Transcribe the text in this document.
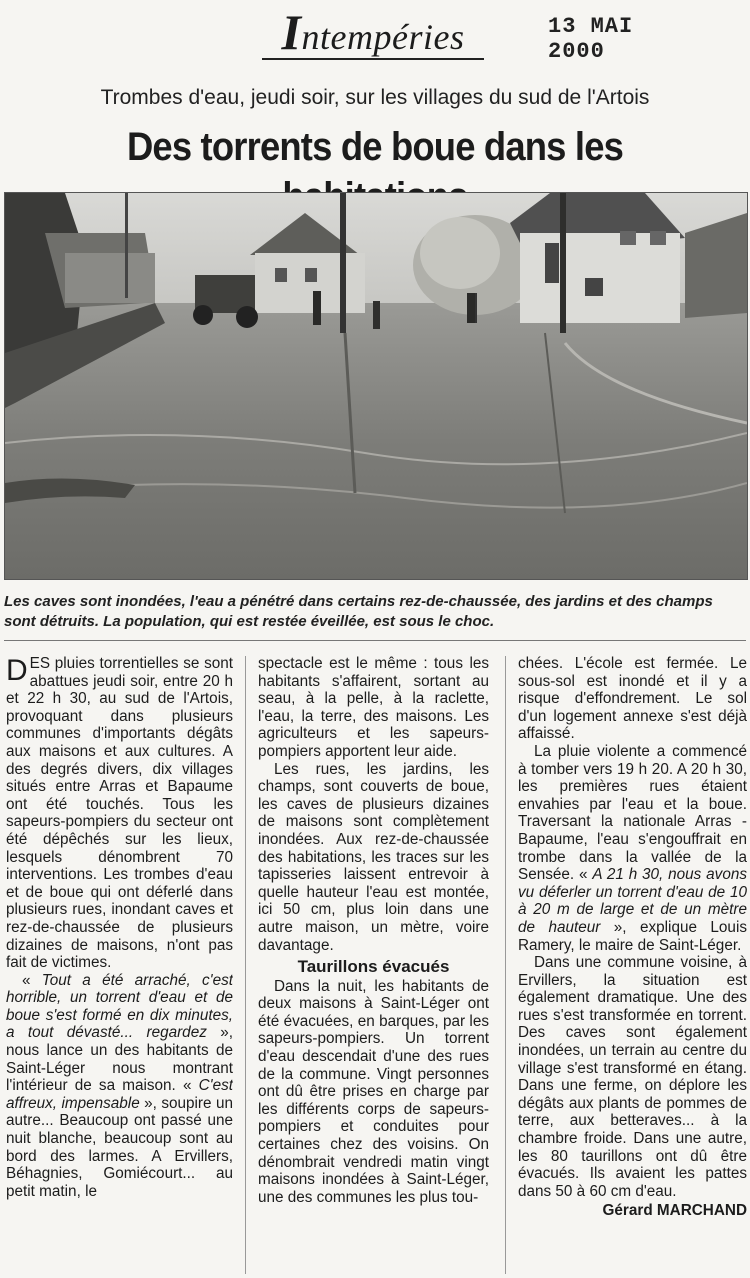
Intempéries	13 MAI 2000
Trombes d'eau, jeudi soir, sur les villages du sud de l'Artois
Des torrents de boue dans les
Les caves sont inondées, l'eau a pénétré dans certains rez-de-chaussée, des jardins et des champs sont détruits. La population, qui est restée éveillée, est sous le choc.

DES pluies torrentielles se sont abattues jeudi soir, entre 20 h et 22 h 30, au sud de l'Artois, provoquant dans plusieurs communes d'importants dégâts aux maisons et aux cultures. A des degrés divers, dix villages situés entre Arras et Bapaume ont été touchés. Tous les sapeurs-pompiers du secteur ont été dépêchés sur les lieux, lesquels dénombrent 70 interventions. Les trombes d'eau et de boue qui ont déferlé dans plusieurs rues, inondant caves et rez-de-chaussée de plusieurs dizaines de maisons, n'ont pas fait de victimes.

« Tout a été arraché, c'est horrible, un torrent d'eau et de boue s'est formé en dix minutes, a tout dévasté... regardez », nous lance un des habitants de Saint-Léger nous montrant l'intérieur de sa maison. « C'est affreux, impensable », soupire un autre... Beaucoup ont passé une nuit blanche, beaucoup sont au bord des larmes. A Ervillers, Béhagnies, Gomiécourt... au petit matin, le

spectacle est le même : tous les habitants s'affairent, sortant au seau, à la pelle, à la raclette, l'eau, la terre, des maisons. Les agriculteurs et les sapeurs-pompiers apportent leur aide.

Les rues, les jardins, les champs, sont couverts de boue, les caves de plusieurs dizaines de maisons sont complètement inondées. Aux rez-de-chaussée des habitations, les traces sur les tapisseries laissent entrevoir à quelle hauteur l'eau est montée, ici 50 cm, plus loin dans une autre maison, un mètre, voire davantage.

Taurillons évacués

Dans la nuit, les habitants de deux maisons à Saint-Léger ont été évacuées, en barques, par les sapeurs-pompiers. Un torrent d'eau descendait d'une des rues de la commune. Vingt personnes ont dû être prises en charge par les différents corps de sapeurs-pompiers et conduites pour certaines chez des voisins. On dénombrait vendredi matin vingt maisons inondées à Saint-Léger, une des communes les plus tou-

chées. L'école est fermée. Le sous-sol est inondé et il y a risque d'effondrement. Le sol d'un logement annexe s'est déjà affaissé.

La pluie violente a commencé à tomber vers 19 h 20. A 20 h 30, les premières rues étaient envahies par l'eau et la boue. Traversant la nationale Arras - Bapaume, l'eau s'engouffrait en trombe dans la vallée de la Sensée. « A 21 h 30, nous avons vu déferler un torrent d'eau de 10 à 20 m de large et de un mètre de hauteur », explique Louis Ramery, le maire de Saint-Léger.

Dans une commune voisine, à Ervillers, la situation est également dramatique. Une des rues s'est transformée en torrent. Des caves sont également inondées, un terrain au centre du village s'est transformé en étang. Dans une ferme, on déplore les dégâts aux plants de pommes de terre, aux betteraves... à la chambre froide. Dans une autre, les 80 taurillons ont dû être évacués. Ils avaient les pattes dans 50 à 60 cm d'eau.

Gérard MARCHAND
